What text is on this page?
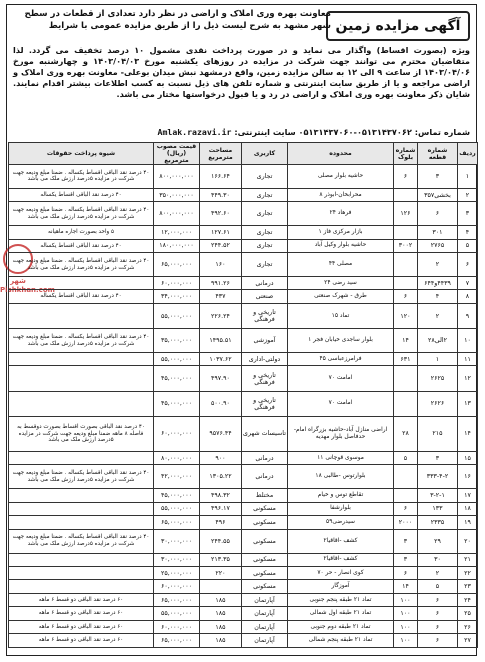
آگهی مزایده زمین
معاونت بهره وری املاک و اراضی در نظر دارد تعدادی از قطعات در سطح شهر مشهد به شرح لیست ذیل را از طریق مزایده عمومی با شرایط
ویژه (بصورت اقساط) واگذار می نماید و در صورت پرداخت نقدی مشمول ۱۰ درصد تخفیف می گردد. لذا متقاضیان محترم می توانند جهت شرکت در مزایده در روزهای یکشنبه مورخ ۱۴۰۳/۰۴/۰۳ و چهارشنبه مورخ ۱۴۰۳/۰۴/۰۶ از ساعت ۹ الی ۱۲ به سالن مزایده زمین، واقع درمشهد نبش میدان بوعلی- معاونت بهره وری املاک و اراضی مراجعه و یا از طریق سایت اینترنتی و شماره تلفن های ذیل نسبت به کسب اطلاعات بیشتر اقدام نمایند. شایان ذکر معاونت بهره وری املاک و اراضی در رد و یا قبول درخواستها مختار می باشد.
شماره تماس: ۰۵۱۳۱۴۳۷۰۶۲-۰۵۱۳۱۴۳۷۰۶۰ سایت اینترنتی: Amlak.razavi.ir
شهر
Pishkhan.com
ردیف	شماره قطعه	شماره بلوک	محدوده	کاربری	مساحت مترمربع	قیمت مصوب (ریال) مترمربع	شیوه پرداخت حقوقات
۱	۳	۶	حاشیه بلوار مصلی	تجاری	۱۶۶.۶۴	۸۰۰,۰۰۰,۰۰۰	۴۰ درصد نقد الباقی اقساط یکساله . ضمنا مبلغ ودیعه جهت شرکت در مزایده ۵درصد ارزش ملک می باشد
۲	بخشی۳۵۷		محرابخان-ابوذر ۸	تجاری	۴۴۹.۳۰	۳۵۰,۰۰۰,۰۰۰	۴۰ درصد نقد الباقی اقساط یکساله
۳	۶	۱۲۶	فرهاد ۲۴	تجاری	۴۹۲.۶۰	۸۰۰,۰۰۰,۰۰۰	۴۰ درصد نقد الباقی اقساط یکساله . ضمنا مبلغ ودیعه جهت شرکت در مزایده ۵درصد ارزش ملک می باشد
۴	۳۰۱		بازار مرکزی فاز ۱	تجاری	۱۲۷.۶۱	۱۲,۰۰۰,۰۰۰	۵ واحد بصورت اجاره ماهیانه
۵	۲۷۶۵	۳۰۰۲	حاشیه بلوار وکیل آباد	تجاری	۲۴۴.۵۲	۱۸۰,۰۰۰,۰۰۰	۴۰ درصد نقد الباقی اقساط یکساله
۶	۲		مصلی ۴۴	تجاری	۱۶۰	۶۵,۰۰۰,۰۰۰	۴۰ درصد نقد الباقی اقساط یکساله . ضمنا مبلغ ودیعه جهت شرکت در مزایده ۵درصد ارزش ملک می باشد
۷	۴۴۳۹و۶۴۴		سید رضی ۲۴	درمانی	۹۹۱.۲۶	۶۰,۰۰۰,۰۰۰	
۸	۴	۶	طرق - شهرک صنعتی	صنعتی	۴۳۷	۳۴,۰۰۰,۰۰۰	۴۰ درصد نقد الباقی اقساط یکساله
۹	۲	۱۲۰	تماد ۱۵	تاریخی و فرهنگی	۲۲۶.۲۴	۵۵,۰۰۰,۰۰۰	
۱۰	۲الی۲۸	۱۴	بلوار ساجدی خیابان فجر ۱	آموزشی	۱۴۹۵.۵۱	۳۵,۰۰۰,۰۰۰	۴۰ درصد نقد الباقی اقساط یکساله . ضمنا مبلغ ودیعه جهت شرکت در مزایده ۵درصد ارزش ملک می باشد
۱۱	۱	۶۳۱	فرامرزعباسی ۴۵	دولتی-اداری	۱۰۳۷.۶۲	۵۵,۰۰۰,۰۰۰	
۱۲	۲۶۲۵		امامت ۷۰	تاریخی و فرهنگی	۴۹۷.۹۰	۴۵,۰۰۰,۰۰۰	
۱۳	۲۶۲۶		امامت ۷۰	تاریخی و فرهنگی	۵۰۰.۹۰	۴۵,۰۰۰,۰۰۰	
۱۴	۲۱۵	۲۸	اراضی منازل آباد-حاشیه بزرگراه امام-حدفاصل بلوار مهدیه	تاسیسات شهری	۹۵۷۶.۴۴	۶۰,۰۰۰,۰۰۰	۴۰ درصد نقد الباقی بصورت اقساط بصورت دوقسط به فاصله ۸ ماهه ضمنا مبلغ ودیعه جهت شرکت در مزایده ۵درصد ارزش ملک می باشد
۱۵	۳	۵	موسوی قوچانی ۱۱	درمانی	۹۰۰	۸۰,۰۰۰,۰۰۰	
۱۶	۳۳۳-۴-۲		بلوارتوس -طالبی ۱۸	درمانی	۱۳۰۵.۲۲	۴۲,۰۰۰,۰۰۰	۴۰ درصد نقد الباقی اقساط یکساله . ضمنا مبلغ ودیعه جهت شرکت در مزایده ۵درصد ارزش ملک می باشد
۱۷	۳-۲-۱		تقاطع توس و خیام	مختلط	۴۹۸.۳۲	۴۵,۰۰۰,۰۰۰	
۱۸	۱۳۳	۶	بلوارشفا	مسکونی	۴۹۶.۱۷	۵۵,۰۰۰,۰۰۰	
۱۹	۲۳۳۵	۲۰۰۰	سیدرضی۵۹	مسکونی	۴۹۶	۶۵,۰۰۰,۰۰۰	
۲۰	۲۹	۳	کشف -اقاقیا۲	مسکونی	۲۴۴.۵۵	۳۰,۰۰۰,۰۰۰	۴۰ درصد نقد الباقی اقساط یکساله . ضمنا مبلغ ودیعه جهت شرکت در مزایده ۵درصد ارزش ملک می باشد
۲۱	۳۰	۳	کشف -اقاقیا۲	مسکونی	۲۱۳.۳۵	۳۰,۰۰۰,۰۰۰	
۲۲	۲	۶	کوی انصار - حر ۷۰	مسکونی	۲۲۰	۲۵,۰۰۰,۰۰۰	
۲۳	۵	۱۴	آموزگار	مسکونی		۶۰,۰۰۰,۰۰۰	
۲۴	۶	۱۰۰	تماد ۲۱ طبقه پنجم جنوبی	آپارتمان	۱۸۵	۶۵,۰۰۰,۰۰۰	۶۰ درصد نقد الباقی دو قسط ۶ ماهه
۲۵	۶	۱۰۰	تماد ۲۱ طبقه اول شمالی	آپارتمان	۱۸۵	۵۵,۰۰۰,۰۰۰	۶۰ درصد نقد الباقی دو قسط ۶ ماهه
۲۶	۶	۱۰۰	تماد ۲۱ طبقه دوم جنوبی	آپارتمان	۱۸۵	۶۰,۰۰۰,۰۰۰	۶۰ درصد نقد الباقی دو قسط ۶ ماهه
۲۷	۶	۱۰۰	تماد ۲۱ طبقه پنجم شمالی	آپارتمان	۱۸۵	۶۵,۰۰۰,۰۰۰	۶۰ درصد نقد الباقی دو قسط ۶ ماهه
